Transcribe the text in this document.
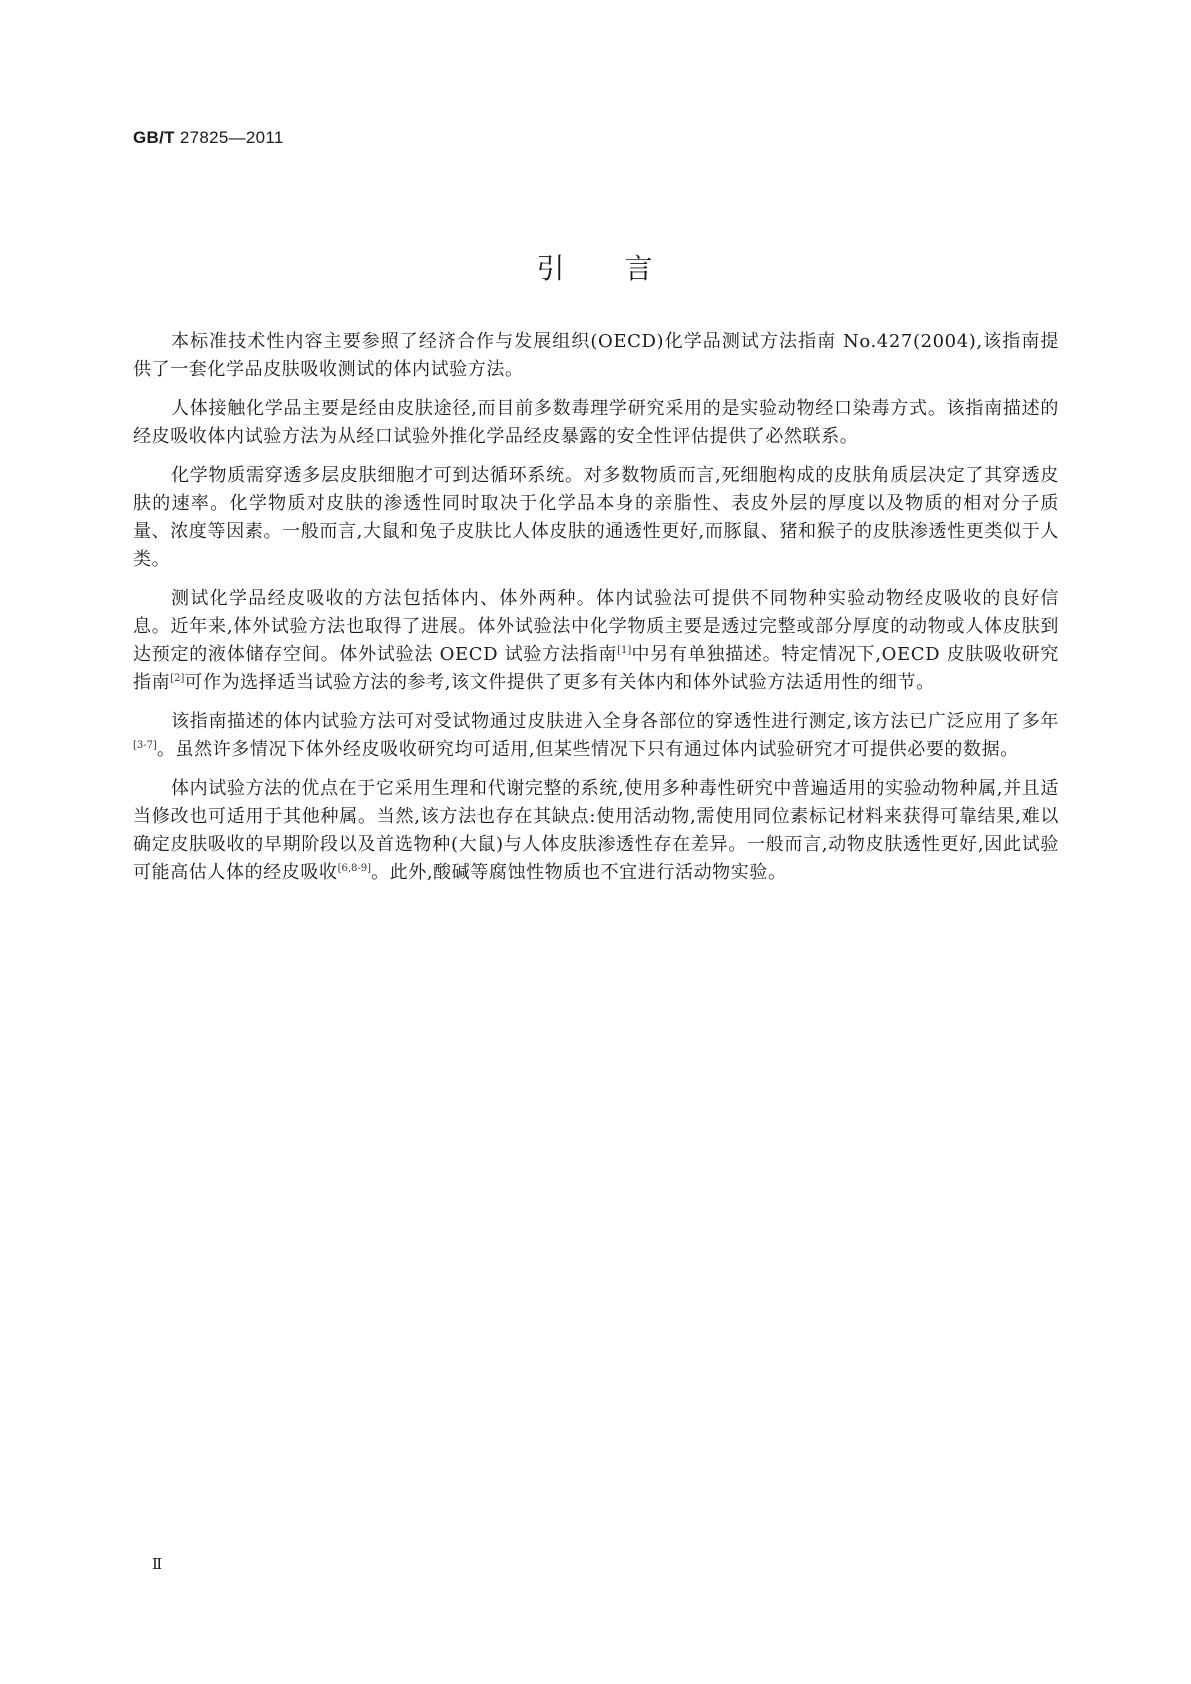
GB/T 27825—2011
引 言

本标准技术性内容主要参照了经济合作与发展组织(OECD)化学品测试方法指南 No.427(2004),该指南提供了一套化学品皮肤吸收测试的体内试验方法。

人体接触化学品主要是经由皮肤途径,而目前多数毒理学研究采用的是实验动物经口染毒方式。该指南描述的经皮吸收体内试验方法为从经口试验外推化学品经皮暴露的安全性评估提供了必然联系。

化学物质需穿透多层皮肤细胞才可到达循环系统。对多数物质而言,死细胞构成的皮肤角质层决定了其穿透皮肤的速率。化学物质对皮肤的渗透性同时取决于化学品本身的亲脂性、表皮外层的厚度以及物质的相对分子质量、浓度等因素。一般而言,大鼠和兔子皮肤比人体皮肤的通透性更好,而豚鼠、猪和猴子的皮肤渗透性更类似于人类。

测试化学品经皮吸收的方法包括体内、体外两种。体内试验法可提供不同物种实验动物经皮吸收的良好信息。近年来,体外试验方法也取得了进展。体外试验法中化学物质主要是透过完整或部分厚度的动物或人体皮肤到达预定的液体储存空间。体外试验法 OECD 试验方法指南[1]中另有单独描述。特定情况下,OECD 皮肤吸收研究指南[2]可作为选择适当试验方法的参考,该文件提供了更多有关体内和体外试验方法适用性的细节。

该指南描述的体内试验方法可对受试物通过皮肤进入全身各部位的穿透性进行测定,该方法已广泛应用了多年[3-7]。虽然许多情况下体外经皮吸收研究均可适用,但某些情况下只有通过体内试验研究才可提供必要的数据。

体内试验方法的优点在于它采用生理和代谢完整的系统,使用多种毒性研究中普遍适用的实验动物种属,并且适当修改也可适用于其他种属。当然,该方法也存在其缺点:使用活动物,需使用同位素标记材料来获得可靠结果,难以确定皮肤吸收的早期阶段以及首选物种(大鼠)与人体皮肤渗透性存在差异。一般而言,动物皮肤透性更好,因此试验可能高估人体的经皮吸收[6,8-9]。此外,酸碱等腐蚀性物质也不宜进行活动物实验。

Ⅱ
